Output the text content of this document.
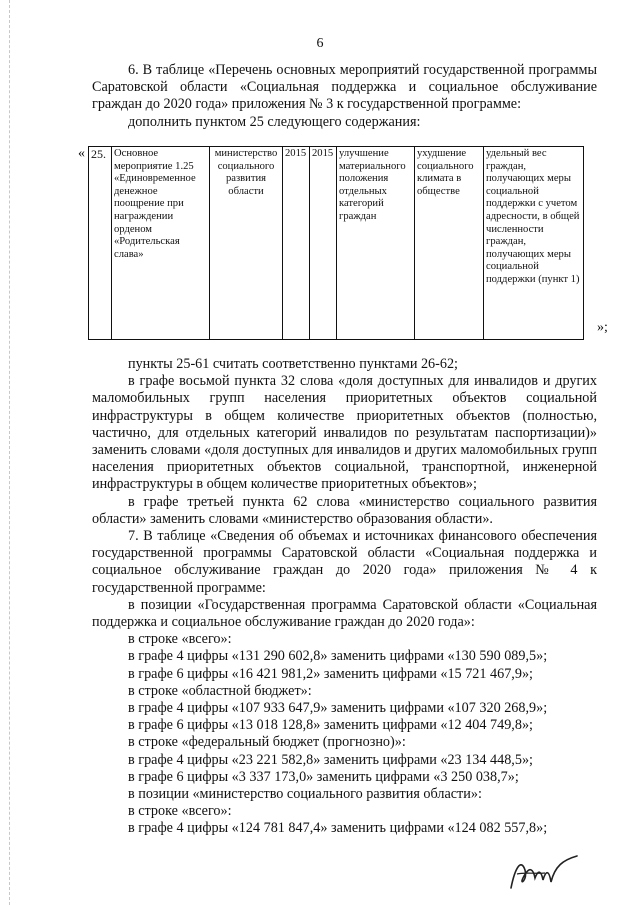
6

6. В таблице «Перечень основных мероприятий государственной программы Саратовской области «Социальная поддержка и социальное обслуживание граждан до 2020 года» приложения № 3 к государственной программе:

дополнить пунктом 25 следующего содержания:

« 25.	Основное мероприятие 1.25 «Единовременное денежное поощрение при награждении орденом «Родительская слава»	министерство социального развития области	2015	2015	улучшение материального положения отдельных категорий граждан	ухудшение социального климата в обществе	удельный вес граждан, получающих меры социальной поддержки с учетом адресности, в общей численности граждан, получающих меры социальной поддержки (пункт 1)
»;

пункты 25-61 считать соответственно пунктами 26-62;

в графе восьмой пункта 32 слова «доля доступных для инвалидов и других маломобильных групп населения приоритетных объектов социальной инфраструктуры в общем количестве приоритетных объектов (полностью, частично, для отдельных категорий инвалидов по результатам паспортизации)» заменить словами «доля доступных для инвалидов и других маломобильных групп населения приоритетных объектов социальной, транспортной, инженерной инфраструктуры в общем количестве приоритетных объектов»;

в графе третьей пункта 62 слова «министерство социального развития области» заменить словами «министерство образования области».

7. В таблице «Сведения об объемах и источниках финансового обеспечения государственной программы Саратовской области «Социальная поддержка и социальное обслуживание граждан до 2020 года» приложения № 4 к государственной программе:

в позиции «Государственная программа Саратовской области «Социальная поддержка и социальное обслуживание граждан до 2020 года»:

в строке «всего»:

в графе 4 цифры «131 290 602,8» заменить цифрами «130 590 089,5»;

в графе 6 цифры «16 421 981,2» заменить цифрами «15 721 467,9»;

в строке «областной бюджет»:

в графе 4 цифры «107 933 647,9» заменить цифрами «107 320 268,9»;

в графе 6 цифры «13 018 128,8» заменить цифрами «12 404 749,8»;

в строке «федеральный бюджет (прогнозно)»:

в графе 4 цифры «23 221 582,8» заменить цифрами «23 134 448,5»;

в графе 6 цифры «3 337 173,0» заменить цифрами «3 250 038,7»;

в позиции «министерство социального развития области»:

в строке «всего»:

в графе 4 цифры «124 781 847,4» заменить цифрами «124 082 557,8»;
